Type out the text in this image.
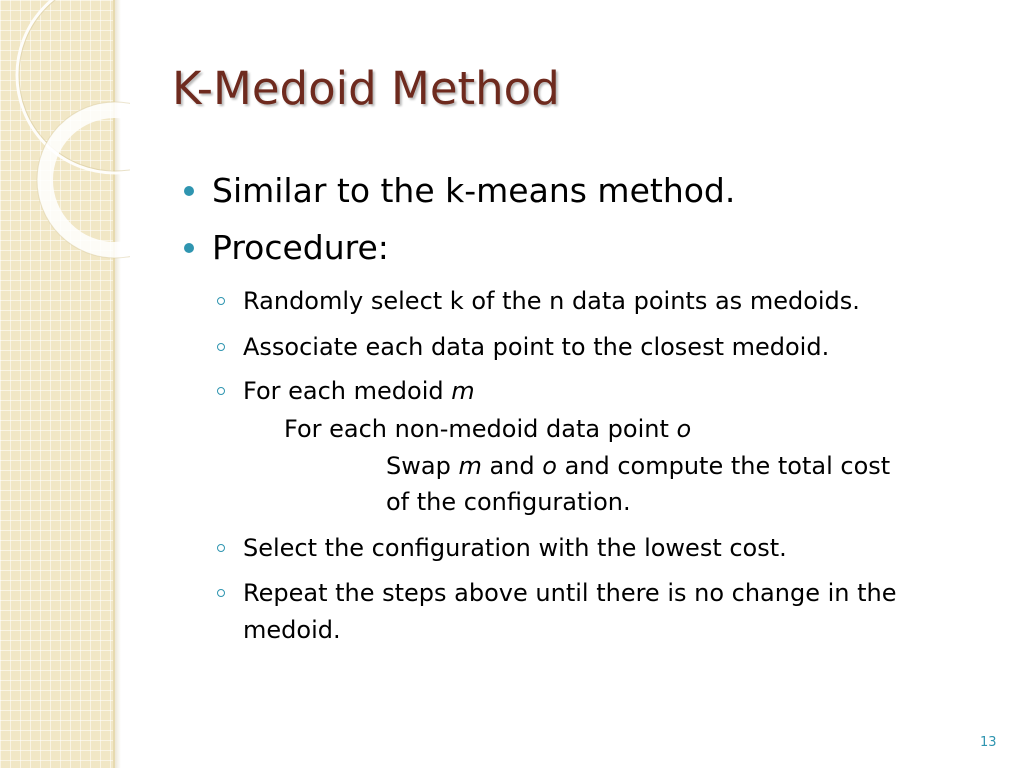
K-Medoid Method
Similar to the k-means method.
Procedure:
Randomly select k of the n data points as medoids.
Associate each data point to the closest medoid.
For each medoid m
For each non-medoid data point o
Swap m and o and compute the total cost
of the configuration.
Select the configuration with the lowest cost.
Repeat the steps above until there is no change in the
medoid.
13
